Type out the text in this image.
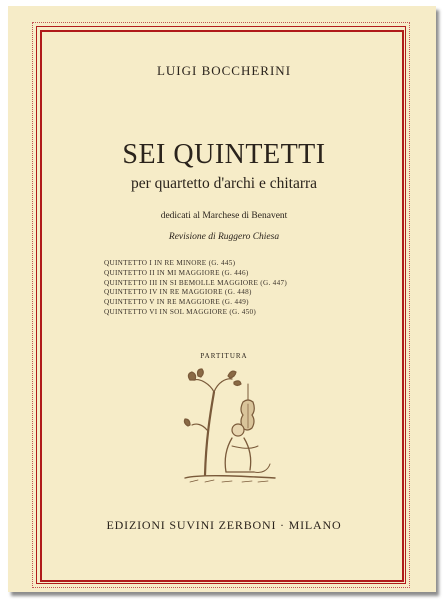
LUIGI BOCCHERINI
SEI QUINTETTI
per quartetto d'archi e chitarra
dedicati al Marchese di Benavent
Revisione di Ruggero Chiesa
QUINTETTO I IN RE MINORE (G. 445)
QUINTETTO II IN MI MAGGIORE (G. 446)
QUINTETTO III IN SI BEMOLLE MAGGIORE (G. 447)
QUINTETTO IV IN RE MAGGIORE (G. 448)
QUINTETTO V IN RE MAGGIORE (G. 449)
QUINTETTO VI IN SOL MAGGIORE (G. 450)
PARTITURA
EDIZIONI SUVINI ZERBONI · MILANO
